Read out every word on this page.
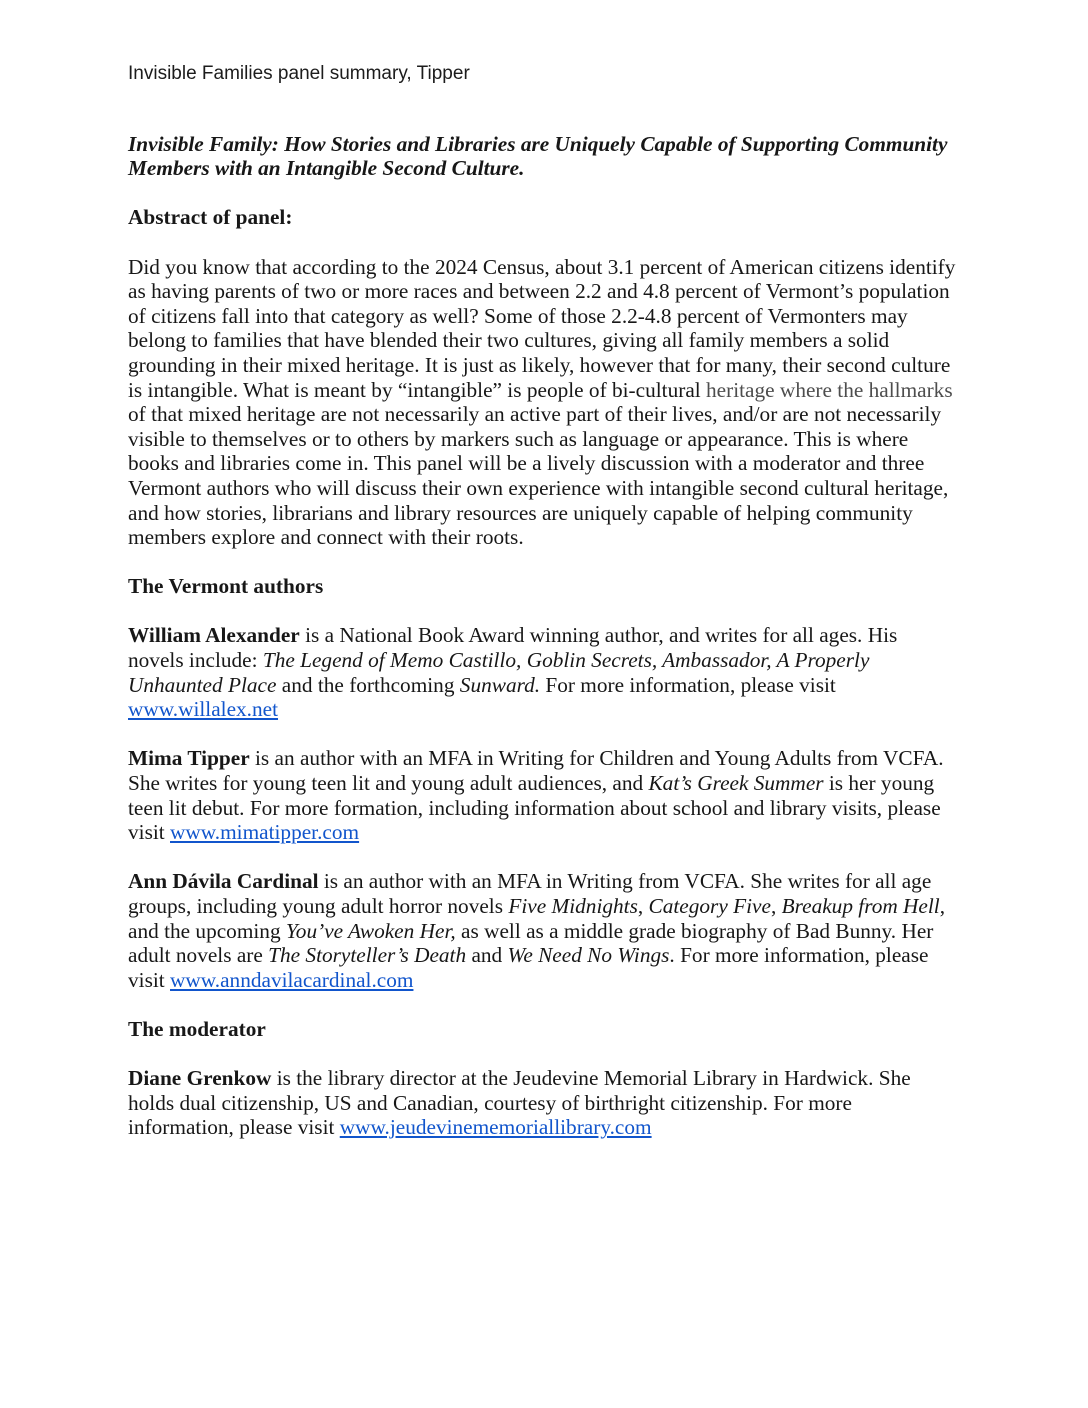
Invisible Families panel summary, Tipper
Invisible Family: How Stories and Libraries are Uniquely Capable of Supporting Community
Members with an Intangible Second Culture.
Abstract of panel:
Did you know that according to the 2024 Census, about 3.1 percent of American citizens identify
as having parents of two or more races and between 2.2 and 4.8 percent of Vermont’s population
of citizens fall into that category as well? Some of those 2.2-4.8 percent of Vermonters may
belong to families that have blended their two cultures, giving all family members a solid
grounding in their mixed heritage. It is just as likely, however that for many, their second culture
is intangible. What is meant by “intangible” is people of bi-cultural heritage where the hallmarks
of that mixed heritage are not necessarily an active part of their lives, and/or are not necessarily
visible to themselves or to others by markers such as language or appearance. This is where
books and libraries come in. This panel will be a lively discussion with a moderator and three
Vermont authors who will discuss their own experience with intangible second cultural heritage,
and how stories, librarians and library resources are uniquely capable of helping community
members explore and connect with their roots.
The Vermont authors
William Alexander is a National Book Award winning author, and writes for all ages. His
novels include: The Legend of Memo Castillo, Goblin Secrets, Ambassador, A Properly
Unhaunted Place and the forthcoming Sunward. For more information, please visit
www.willalex.net
Mima Tipper is an author with an MFA in Writing for Children and Young Adults from VCFA.
She writes for young teen lit and young adult audiences, and Kat’s Greek Summer is her young
teen lit debut. For more formation, including information about school and library visits, please
visit www.mimatipper.com
Ann Dávila Cardinal is an author with an MFA in Writing from VCFA. She writes for all age
groups, including young adult horror novels Five Midnights, Category Five, Breakup from Hell,
and the upcoming You’ve Awoken Her, as well as a middle grade biography of Bad Bunny. Her
adult novels are The Storyteller’s Death and We Need No Wings. For more information, please
visit www.anndavilacardinal.com
The moderator
Diane Grenkow is the library director at the Jeudevine Memorial Library in Hardwick. She
holds dual citizenship, US and Canadian, courtesy of birthright citizenship. For more
information, please visit www.jeudevinememoriallibrary.com
